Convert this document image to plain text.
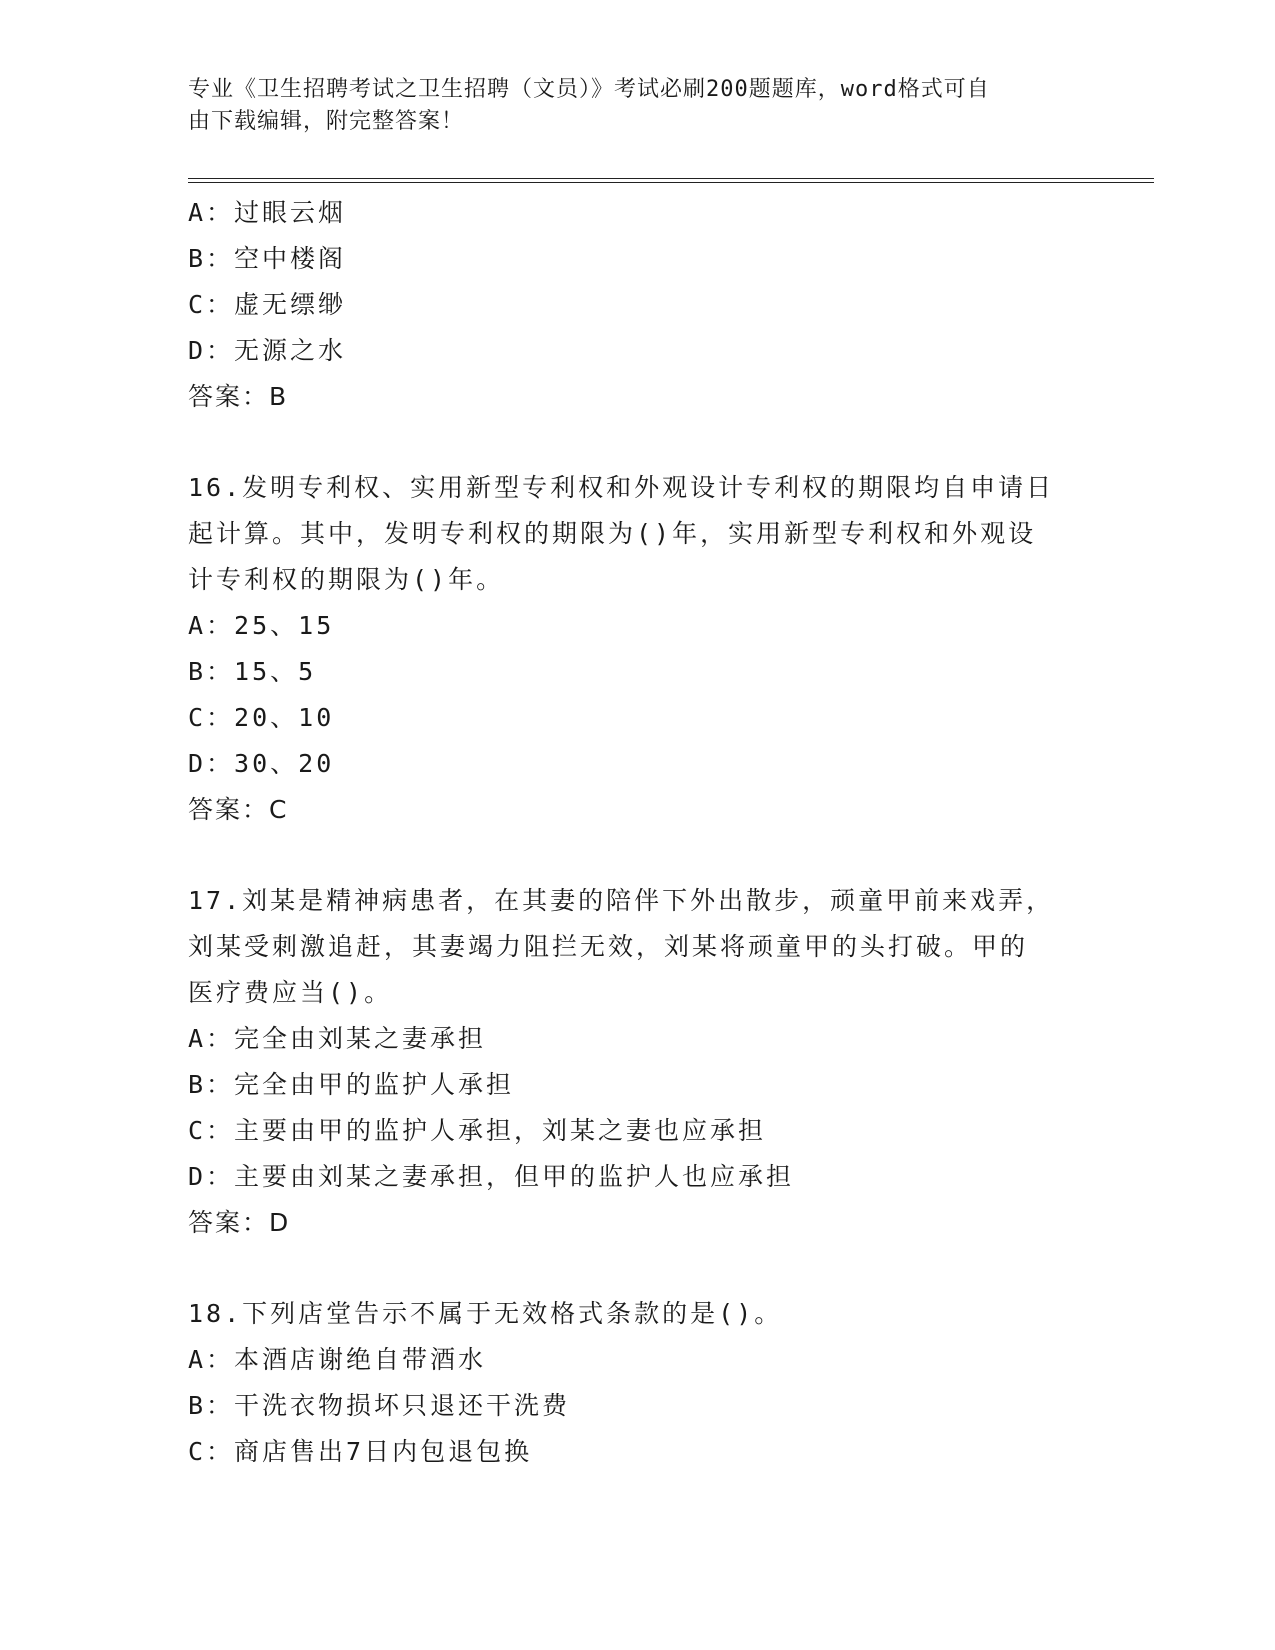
专业《卫生招聘考试之卫生招聘（文员）》考试必刷200题题库，word格式可自
由下载编辑，附完整答案！
A：过眼云烟
B：空中楼阁
C：虚无缥缈
D：无源之水
答案：B
16.发明专利权、实用新型专利权和外观设计专利权的期限均自申请日
起计算。其中，发明专利权的期限为()年，实用新型专利权和外观设
计专利权的期限为()年。
A：25、15
B：15、5
C：20、10
D：30、20
答案：C
17.刘某是精神病患者，在其妻的陪伴下外出散步，顽童甲前来戏弄，
刘某受刺激追赶，其妻竭力阻拦无效，刘某将顽童甲的头打破。甲的
医疗费应当()。
A：完全由刘某之妻承担
B：完全由甲的监护人承担
C：主要由甲的监护人承担，刘某之妻也应承担
D：主要由刘某之妻承担，但甲的监护人也应承担
答案：D
18.下列店堂告示不属于无效格式条款的是()。
A：本酒店谢绝自带酒水
B：干洗衣物损坏只退还干洗费
C：商店售出7日内包退包换
